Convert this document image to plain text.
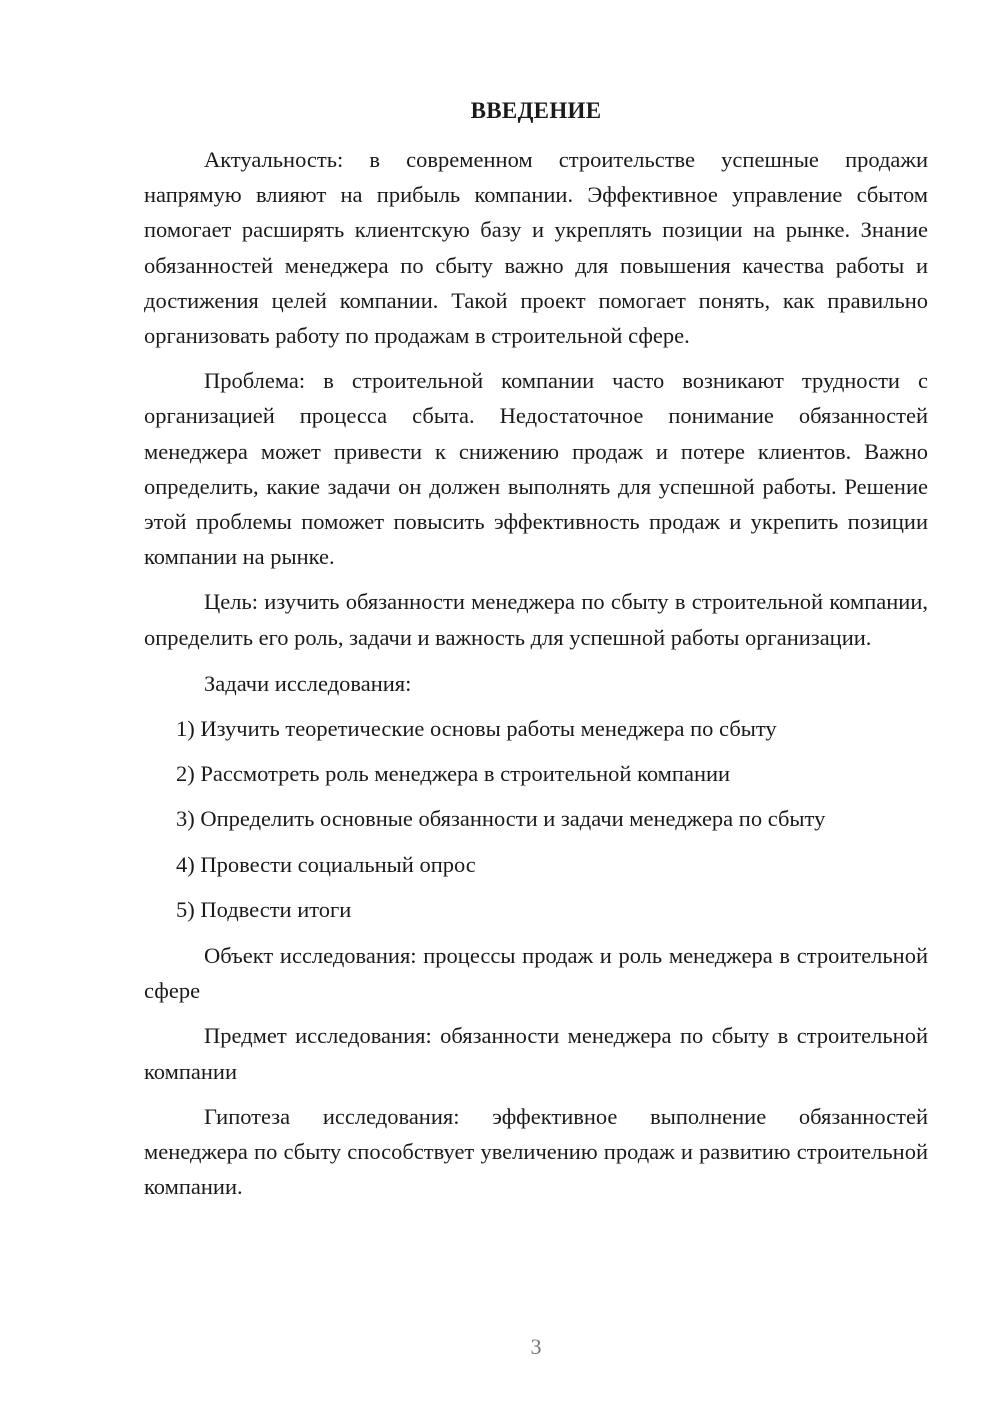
ВВЕДЕНИЕ

Актуальность: в современном строительстве успешные продажи напрямую влияют на прибыль компании. Эффективное управление сбытом помогает расширять клиентскую базу и укреплять позиции на рынке. Знание обязанностей менеджера по сбыту важно для повышения качества работы и достижения целей компании. Такой проект помогает понять, как правильно организовать работу по продажам в строительной сфере.

Проблема: в строительной компании часто возникают трудности с организацией процесса сбыта. Недостаточное понимание обязанностей менеджера может привести к снижению продаж и потере клиентов. Важно определить, какие задачи он должен выполнять для успешной работы. Решение этой проблемы поможет повысить эффективность продаж и укрепить позиции компании на рынке.

Цель: изучить обязанности менеджера по сбыту в строительной компании, определить его роль, задачи и важность для успешной работы организации.

Задачи исследования:

1) Изучить теоретические основы работы менеджера по сбыту

2) Рассмотреть роль менеджера в строительной компании

3) Определить основные обязанности и задачи менеджера по сбыту

4) Провести социальный опрос

5) Подвести итоги

Объект исследования: процессы продаж и роль менеджера в строительной сфере

Предмет исследования: обязанности менеджера по сбыту в строительной компании

Гипотеза исследования: эффективное выполнение обязанностей менеджера по сбыту способствует увеличению продаж и развитию строительной компании.

3
